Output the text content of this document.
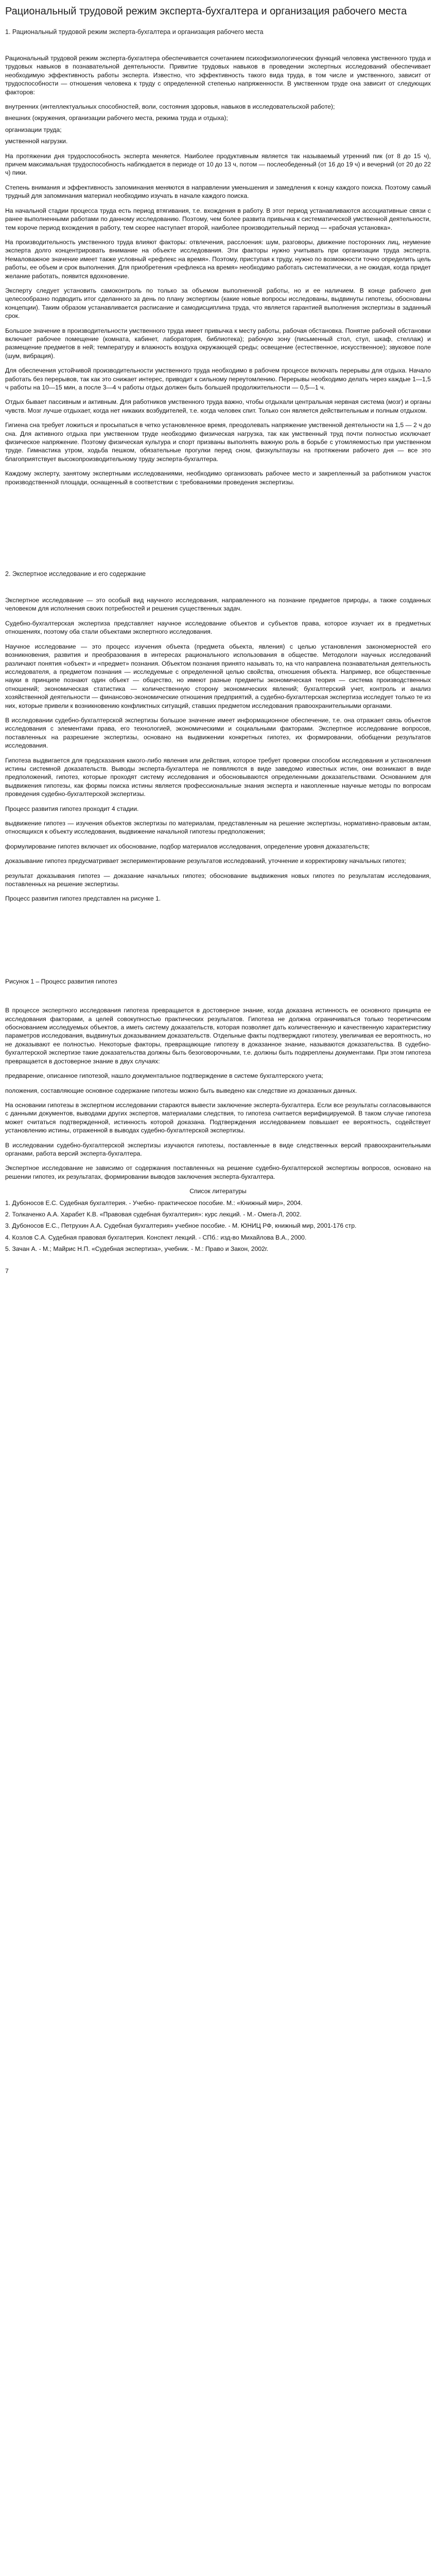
Рациональный трудовой режим эксперта-бухгалтера и организация рабочего места
1. Рациональный трудовой режим эксперта-бухгалтера и организация рабочего места

Рациональный трудовой режим эксперта-бухгалтера обеспечивается сочетанием психофизиологических функций человека умственного труда и трудовых навыков в познавательной деятельности. Привитие трудовых навыков в проведении экспертных исследований обеспечивает необходимую эффективность работы эксперта. Известно, что эффективность такого вида труда, в том числе и умственного, зависит от трудоспособности — отношения человека к труду с определенной степенью напряженности. В умственном труде она зависит от следующих факторов:

внутренних (интеллектуальных способностей, воли, состояния здоровья, навыков в исследовательской работе);

внешних (окружения, организации рабочего места, режима труда и отдыха);

организации труда;

умственной нагрузки.

На протяжении дня трудоспособность эксперта меняется. Наиболее продуктивным является так называемый утренний пик (от 8 до 15 ч), причем максимальная трудоспособность наблюдается в периоде от 10 до 13 ч, потом — послеобеденный (от 16 до 19 ч) и вечерний (от 20 до 22 ч) пики.

Степень внимания и эффективность запоминания меняются в направлении уменьшения и замедления к концу каждого поиска. Поэтому самый трудный для запоминания материал необходимо изучать в начале каждого поиска.

На начальной стадии процесса труда есть период втягивания, т.е. вхождения в работу. В этот период устанавливаются ассоциативные связи с ранее выполненными работами по данному исследованию. Поэтому, чем более развита привычка к систематической умственной деятельности, тем короче период вхождения в работу, тем скорее наступает второй, наиболее производительный период — «рабочая установка».

На производительность умственного труда влияют факторы: отвлечения, расслоения: шум, разговоры, движение посторонних лиц, неумение эксперта долго концентрировать внимание на объекте исследования. Эти факторы нужно учитывать при организации труда эксперта. Немаловажное значение имеет также условный «рефлекс на время». Поэтому, приступая к труду, нужно по возможности точно определить цель работы, ее объем и срок выполнения. Для приобретения «рефлекса на время» необходимо работать систематически, а не ожидая, когда придет желание работать, появится вдохновение.

Эксперту следует установить самоконтроль по только за объемом выполненной работы, но и ее наличием. В конце рабочего дня целесообразно подводить итог сделанного за день по плану экспертизы (какие новые вопросы исследованы, выдвинуты гипотезы, обоснованы концепции). Таким образом устанавливается расписание и самодисциплина труда, что является гарантией выполнения экспертизы в заданный срок.

Большое значение в производительности умственного труда имеет привычка к месту работы, рабочая обстановка. Понятие рабочей обстановки включает рабочее помещение (комната, кабинет, лаборатория, библиотека); рабочую зону (письменный стол, стул, шкаф, стеллаж) и размещение предметов в ней; температуру и влажность воздуха окружающей среды; освещение (естественное, искусственное); звуковое поле (шум, вибрация).

Для обеспечения устойчивой производительности умственного труда необходимо в рабочем процессе включать перерывы для отдыха. Начало работать без перерывов, так как это снижает интерес, приводит к сильному переутомлению. Перерывы необходимо делать через каждые 1—1,5 ч работы на 10—15 мин, а после 3—4 ч работы отдых должен быть большей продолжительности — 0,5—1 ч.

Отдых бывает пассивным и активным. Для работников умственного труда важно, чтобы отдыхали центральная нервная система (мозг) и органы чувств. Мозг лучше отдыхает, когда нет никаких возбудителей, т.е. когда человек спит. Только сон является действительным и полным отдыхом.

Гигиена сна требует ложиться и просыпаться в четко установленное время, преодолевать напряжение умственной деятельности на 1,5 — 2 ч до сна. Для активного отдыха при умственном труде необходимо физическая нагрузка, так как умственный труд почти полностью исключает физическое напряжение. Поэтому физическая культура и спорт призваны выполнять важную роль в борьбе с утомляемостью при умственном труде. Гимнастика утром, ходьба пешком, обязательные прогулки перед сном, физкультпаузы на протяжении рабочего дня — все это благоприятствует высокопроизводительному труду эксперта-бухгалтера.

Каждому эксперту, занятому экспертными исследованиями, необходимо организовать рабочее место и закрепленный за работником участок производственной площади, оснащенный в соответствии с требованиями проведения экспертизы.

2. Экспертное исследование и его содержание

Экспертное исследование — это особый вид научного исследования, направленного на познание предметов природы, а также созданных человеком для исполнения своих потребностей и решения существенных задач.

Судебно-бухгалтерская экспертиза представляет научное исследование объектов и субъектов права, которое изучает их в предметных отношениях, поэтому оба стали объектами экспертного исследования.

Научное исследование — это процесс изучения объекта (предмета обьекта, явления) с целью установления закономерностей его возникновения, развития и преобразования в интересах рационального использования в обществе. Методологи научных исследований различают понятия «объект» и «предмет» познания. Объектом познания принято называть то, на что направлена познавательная деятельность исследователя, а предметом познания — исследуемые с определенной целью свойства, отношения объекта. Например, все общественные науки в принципе познают один объект — общество, но имеют разные предметы экономическая теория — система производственных отношений; экономическая статистика — количественную сторону экономических явлений; бухгалтерский учет, контроль и анализ хозяйственной деятельности — финансово-экономические отношения предприятий, а судебно-бухгалтерская экспертиза исследует только те из них, которые привели к возникновению конфликтных ситуаций, ставших предметом исследования правоохранительными органами.

В исследовании судебно-бухгалтерской экспертизы большое значение имеет информационное обеспечение, т.е. она отражает связь объектов исследования с элементами права, его технологией, экономическими и социальными факторами. Экспертное исследование вопросов, поставленных на разрешение экспертизы, основано на выдвижении конкретных гипотез, их формировании, обобщении результатов исследования.

Гипотеза выдвигается для предсказания какого-либо явления или действия, которое требует проверки способом исследования и установления истины системной доказательств. Выводы эксперта-бухгалтера не появляются в виде заведомо известных истин, они возникают в виде предположений, гипотез, которые проходят систему исследования и обосновываются определенными доказательствами. Основанием для выдвижения гипотезы, как формы поиска истины является профессиональные знания эксперта и накопленные научные методы по вопросам проведения судебно-бухгалтерской экспертизы.

Процесс развития гипотез проходит 4 стадии.

выдвижение гипотез — изучения объектов экспертизы по материалам, представленным на решение экспертизы, нормативно-правовым актам, относящихся к объекту исследования, выдвижение начальной гипотезы предположения;

формулирование гипотез включает их обоснование, подбор материалов исследования, определение уровня доказательств;

доказывание гипотез предусматривает экспериментирование результатов исследований, уточнение и корректировку начальных гипотез;

результат доказывания гипотез — доказание начальных гипотез; обоснование выдвижения новых гипотез по результатам исследования, поставленных на решение экспертизы.

Процесс развития гипотез представлен на рисунке 1.

Рисунок 1 – Процесс развития гипотез

В процессе экспертного исследования гипотеза превращается в достоверное знание, когда доказана истинность ее основного принципа ее исследования факторами, а целей совокупностью практических результатов. Гипотеза не должна ограничиваться только теоретическим обоснованием исследуемых объектов, а иметь систему доказательств, которая позволяет дать количественную и качественную характеристику параметров исследования, выдвинутых доказыванием доказательств. Отдельные факты подтверждают гипотезу, увеличивая ее вероятность, но не доказывают ее полностью. Некоторые факторы, превращающие гипотезу в доказанное знание, называются доказательства. В судебно-бухгалтерской экспертизе такие доказательства должны быть безоговорочными, т.е. должны быть подкреплены документами. При этом гипотеза превращается в достоверное знание в двух случаях:

предварение, описанное гипотезой, нашло документальное подтверждение в системе бухгалтерского учета;

положения, составляющие основное содержание гипотезы можно быть выведено как следствие из доказанных данных.

На основании гипотезы в экспертном исследовании стараются вывести заключение эксперта-бухгалтера. Если все результаты согласовываются с данными документов, выводами других экспертов, материалами следствия, то гипотеза считается верифицируемой. В таком случае гипотеза может считаться подтвержденной, истинность которой доказана. Подтверждения исследованием повышает ее вероятность, содействует установлению истины, отраженной в выводах судебно-бухгалтерской экспертизы.

В исследовании судебно-бухгалтерской экспертизы изучаются гипотезы, поставленные в виде следственных версий правоохранительными органами, работа версий эксперта-бухгалтера.

Экспертное исследование не зависимо от содержания поставленных на решение судебно-бухгалтерской экспертизы вопросов, основано на решении гипотез, их результатах, формировании выводов заключения эксперта-бухгалтера.

Список литературы
1. Дубоносов Е.С. Судебная бухгалтерия. - Учебно- практическое пособие. М.: «Книжный мир», 2004.
2. Толкаченко А.А. Харабет К.В. «Правовая судебная бухгалтерия»: курс лекций. - М.- Омега-Л, 2002.
3. Дубоносов Е.С., Петрухин А.А. Судебная бухгалтерия» учебное пособие. - М. ЮНИЦ РФ, книжный мир, 2001-176 стр.
4. Козлов С.А. Судебная правовая бухгалтерия. Конспект лекций. - СПб.: изд-во Михайлова В.А., 2000.
5. Зачан А. - М.; Майрис Н.П. «Судебная экспертиза», учебник. - М.: Право и Закон, 2002г.
7
